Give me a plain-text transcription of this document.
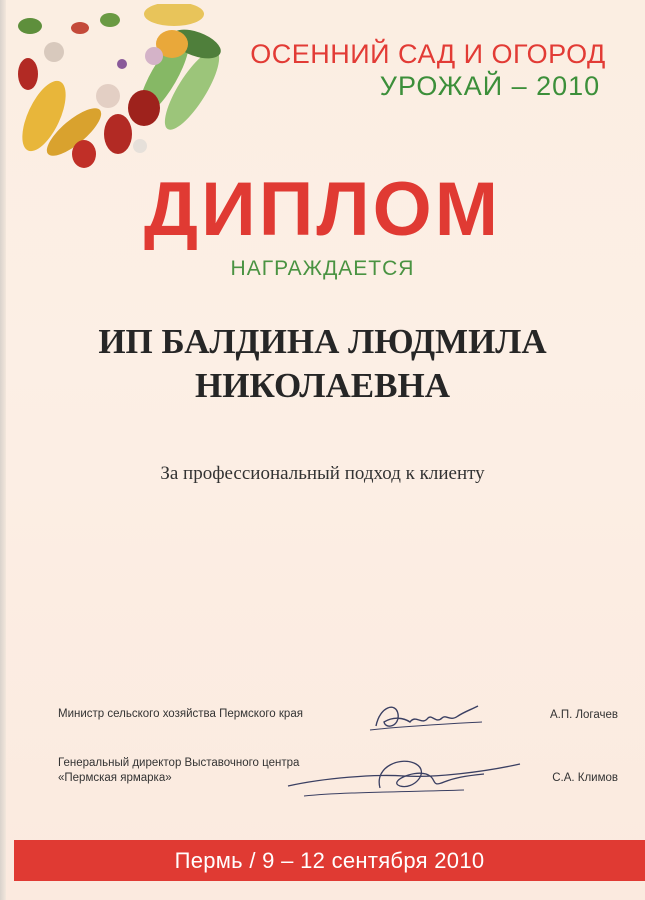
ОСЕННИЙ САД И ОГОРОД
УРОЖАЙ – 2010
ДИПЛОМ
НАГРАЖДАЕТСЯ
ИП БАЛДИНА ЛЮДМИЛА НИКОЛАЕВНА
За профессиональный подход к клиенту
Министр сельского хозяйства Пермского края	А.П. Логачев
Генеральный директор Выставочного центра «Пермская ярмарка»	С.А. Климов
Пермь / 9 – 12 сентября 2010
